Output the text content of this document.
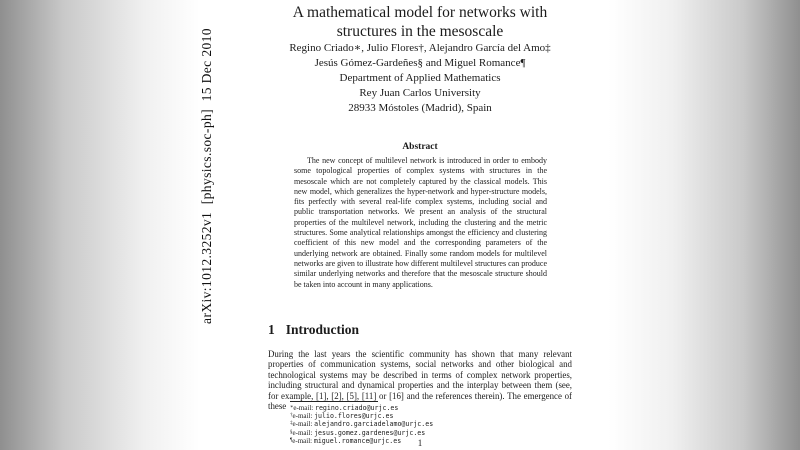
arXiv:1012.3252v1  [physics.soc-ph]  15 Dec 2010
A mathematical model for networks with structures in the mesoscale
Regino Criado∗, Julio Flores†, Alejandro García del Amo‡
Jesús Gómez-Gardeñes§ and Miguel Romance¶
Department of Applied Mathematics
Rey Juan Carlos University
28933 Móstoles (Madrid), Spain
Abstract
The new concept of multilevel network is introduced in order to embody some topological properties of complex systems with structures in the mesoscale which are not completely captured by the classical models. This new model, which generalizes the hyper-network and hyper-structure models, fits perfectly with several real-life complex systems, including social and public transportation networks. We present an analysis of the structural properties of the multilevel network, including the clustering and the metric structures. Some analytical relationships amongst the efficiency and clustering coefficient of this new model and the corresponding parameters of the underlying network are obtained. Finally some random models for multilevel networks are given to illustrate how different multilevel structures can produce similar underlying networks and therefore that the mesoscale structure should be taken into account in many applications.
1 Introduction
During the last years the scientific community has shown that many relevant properties of communication systems, social networks and other biological and technological systems may be described in terms of complex network properties, including structural and dynamical properties and the interplay between them (see, for example, [1], [2], [5], [11] or [16] and the references therein). The emergence of these ∗e-mail: regino.criado@urjc.es
†e-mail: julio.flores@urjc.es
‡e-mail: alejandro.garciadelamo@urjc.es
§e-mail: jesus.gomez.gardenes@urjc.es
¶e-mail: miguel.romance@urjc.es	1
